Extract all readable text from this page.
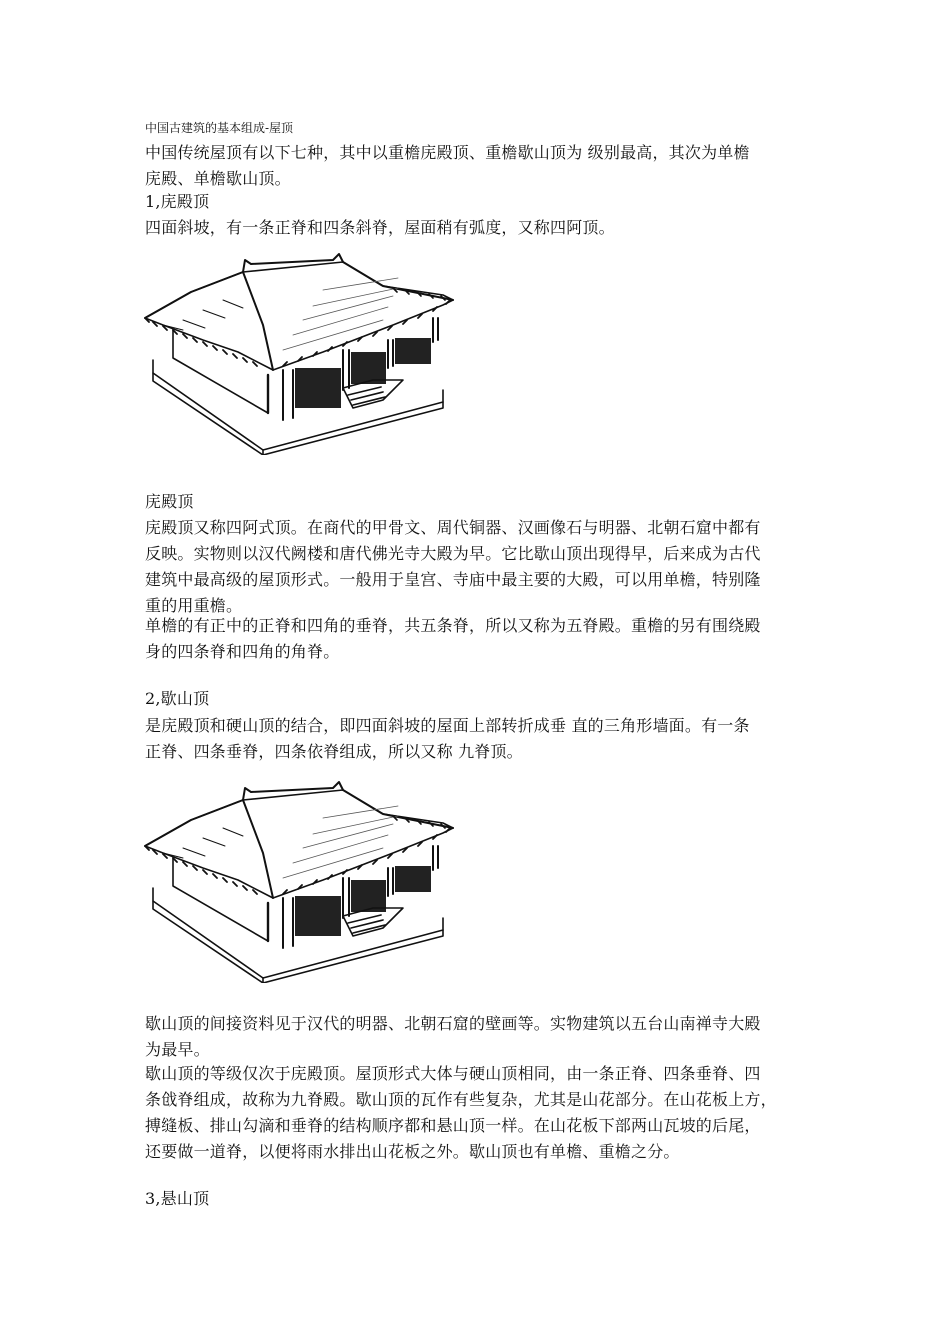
中国古建筑的基本组成-屋顶
中国传统屋顶有以下七种，其中以重檐庑殿顶、重檐歇山顶为 级别最高，其次为单檐
庑殿、单檐歇山顶。
1,庑殿顶
四面斜坡，有一条正脊和四条斜脊，屋面稍有弧度，又称四阿顶。
庑殿顶
庑殿顶又称四阿式顶。在商代的甲骨文、周代铜器、汉画像石与明器、北朝石窟中都有
反映。实物则以汉代阙楼和唐代佛光寺大殿为早。它比歇山顶出现得早，后来成为古代
建筑中最高级的屋顶形式。一般用于皇宫、寺庙中最主要的大殿，可以用单檐，特别隆
重的用重檐。
单檐的有正中的正脊和四角的垂脊，共五条脊，所以又称为五脊殿。重檐的另有围绕殿
身的四条脊和四角的角脊。
2,歇山顶
是庑殿顶和硬山顶的结合，即四面斜坡的屋面上部转折成垂 直的三角形墙面。有一条
正脊、四条垂脊，四条依脊组成，所以又称 九脊顶。
歇山顶的间接资料见于汉代的明器、北朝石窟的壁画等。实物建筑以五台山南禅寺大殿
为最早。
歇山顶的等级仅次于庑殿顶。屋顶形式大体与硬山顶相同，由一条正脊、四条垂脊、四
条戗脊组成，故称为九脊殿。歇山顶的瓦作有些复杂，尤其是山花部分。在山花板上方，
搏缝板、排山勾滴和垂脊的结构顺序都和悬山顶一样。在山花板下部两山瓦坡的后尾，
还要做一道脊，以便将雨水排出山花板之外。歇山顶也有单檐、重檐之分。
3,悬山顶
